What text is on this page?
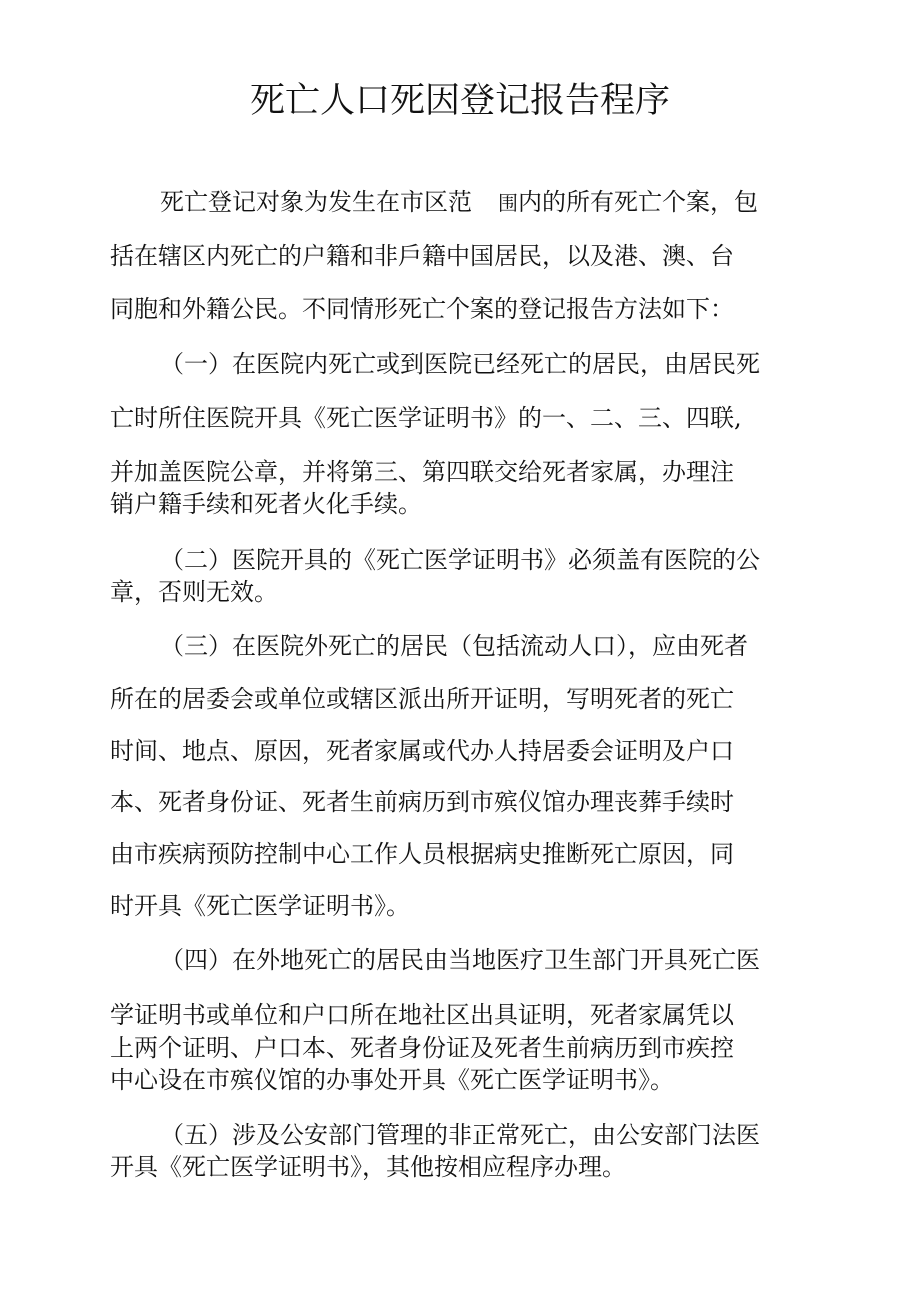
死亡人口死因登记报告程序
死亡登记对象为发生在市区范 围内的所有死亡个案，包
括在辖区内死亡的户籍和非戶籍中国居民，以及港、澳、台
同胞和外籍公民。不同情形死亡个案的登记报告方法如下：
（一）在医院内死亡或到医院已经死亡的居民，由居民死
亡时所住医院开具《死亡医学证明书》的一、二、三、四联,
并加盖医院公章，并将第三、第四联交给死者家属，办理注
销户籍手续和死者火化手续。
（二）医院开具的《死亡医学证明书》必须盖有医院的公
章，否则无效。
（三）在医院外死亡的居民（包括流动人口），应由死者
所在的居委会或单位或辖区派出所开证明，写明死者的死亡
时间、地点、原因，死者家属或代办人持居委会证明及户口
本、死者身份证、死者生前病历到市殡仪馆办理丧葬手续时
由市疾病预防控制中心工作人员根据病史推断死亡原因，同
时开具《死亡医学证明书》。
（四）在外地死亡的居民由当地医疗卫生部门开具死亡医
学证明书或单位和户口所在地社区出具证明，死者家属凭以
上两个证明、户口本、死者身份证及死者生前病历到市疾控
中心设在市殡仪馆的办事处开具《死亡医学证明书》。
（五）涉及公安部门管理的非正常死亡，由公安部门法医
开具《死亡医学证明书》，其他按相应程序办理。
